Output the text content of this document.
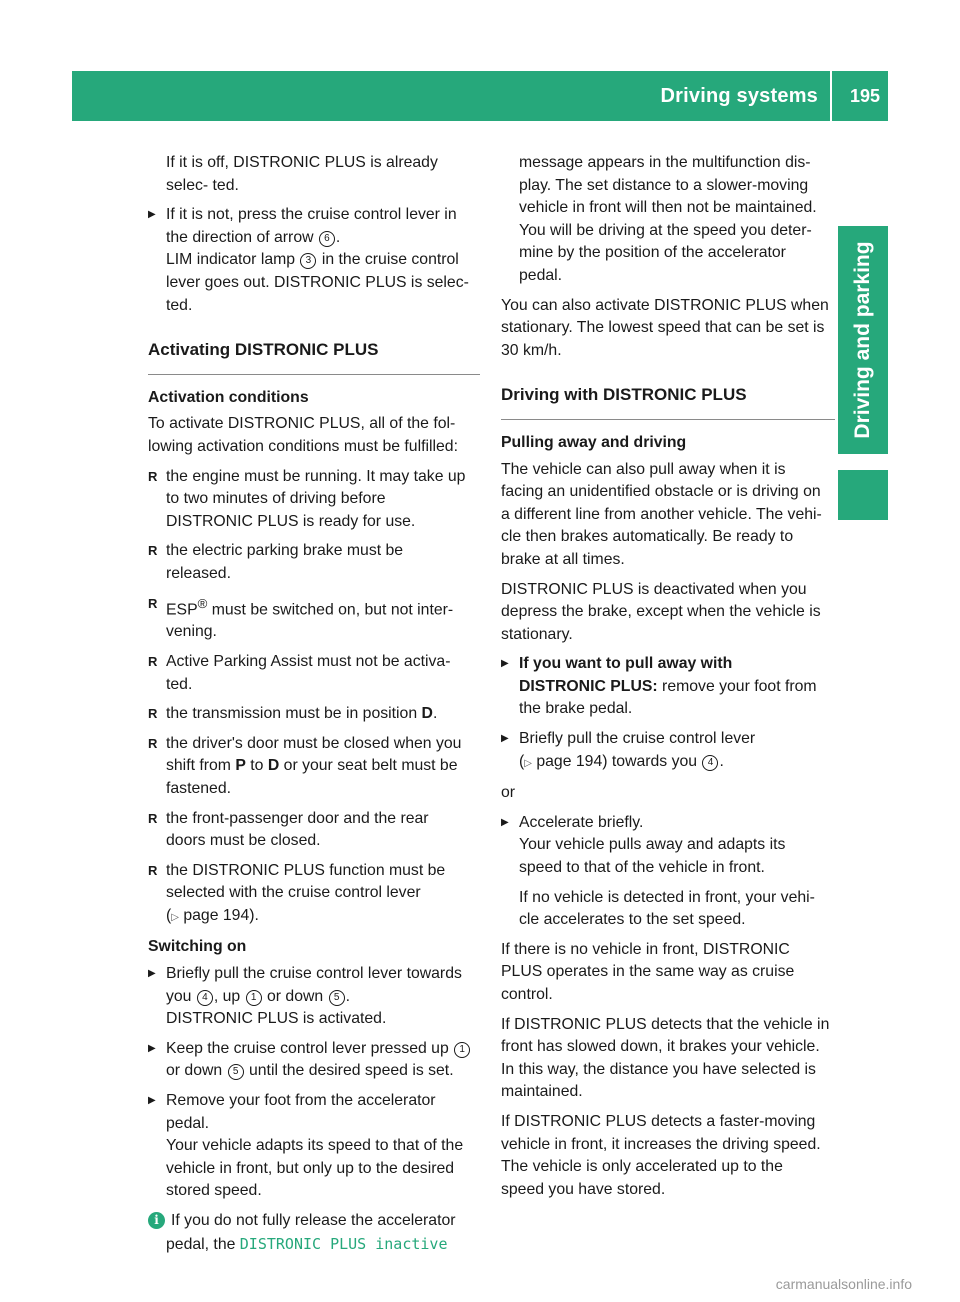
Driving systems 195
Driving and parking

If it is off, DISTRONIC PLUS is already selec- ted.

▶ If it is not, press the cruise control lever in
the direction of arrow 6 .
LIM indicator lamp 3 in the cruise control
lever goes out. DISTRONIC PLUS is selec-
ted.
Activating DISTRONIC PLUS
Activation conditions

To activate DISTRONIC PLUS, all of the fol-
lowing activation conditions must be fulfilled:

R the engine must be running. It may take up
to two minutes of driving before
DISTRONIC PLUS is ready for use.
R the electric parking brake must be
released.
R ESP® must be switched on, but not inter-
vening.
R Active Parking Assist must not be activa-
ted.
R the transmission must be in position D.
R the driver's door must be closed when you
shift from P to D or your seat belt must be
fastened.
R the front-passenger door and the rear
doors must be closed.
R the DISTRONIC PLUS function must be
selected with the cruise control lever
(▷ page 194).
Switching on
▶ Briefly pull the cruise control lever towards
you 4 , up 1 or down 5 .
DISTRONIC PLUS is activated.
▶ Keep the cruise control lever pressed up 1
or down 5 until the desired speed is set.
▶ Remove your foot from the accelerator
pedal.
Your vehicle adapts its speed to that of the
vehicle in front, but only up to the desired
stored speed.
i If you do not fully release the accelerator
pedal, the DISTRONIC PLUS inactive

message appears in the multifunction dis-
play. The set distance to a slower-moving
vehicle in front will then not be maintained.
You will be driving at the speed you deter-
mine by the position of the accelerator
pedal.

You can also activate DISTRONIC PLUS when
stationary. The lowest speed that can be set is
30 km/h.

Driving with DISTRONIC PLUS
Pulling away and driving

The vehicle can also pull away when it is
facing an unidentified obstacle or is driving on
a different line from another vehicle. The vehi-
cle then brakes automatically. Be ready to
brake at all times.

DISTRONIC PLUS is deactivated when you
depress the brake, except when the vehicle is
stationary.

▶ If you want to pull away with
DISTRONIC PLUS: remove your foot from
the brake pedal.
▶ Briefly pull the cruise control lever
(▷ page 194) towards you 4 .

or

▶ Accelerate briefly.
Your vehicle pulls away and adapts its
speed to that of the vehicle in front.
If no vehicle is detected in front, your vehi-
cle accelerates to the set speed.

If there is no vehicle in front, DISTRONIC
PLUS operates in the same way as cruise
control.

If DISTRONIC PLUS detects that the vehicle in
front has slowed down, it brakes your vehicle.
In this way, the distance you have selected is
maintained.

If DISTRONIC PLUS detects a faster-moving
vehicle in front, it increases the driving speed.
The vehicle is only accelerated up to the
speed you have stored.

carmanualsonline.info
